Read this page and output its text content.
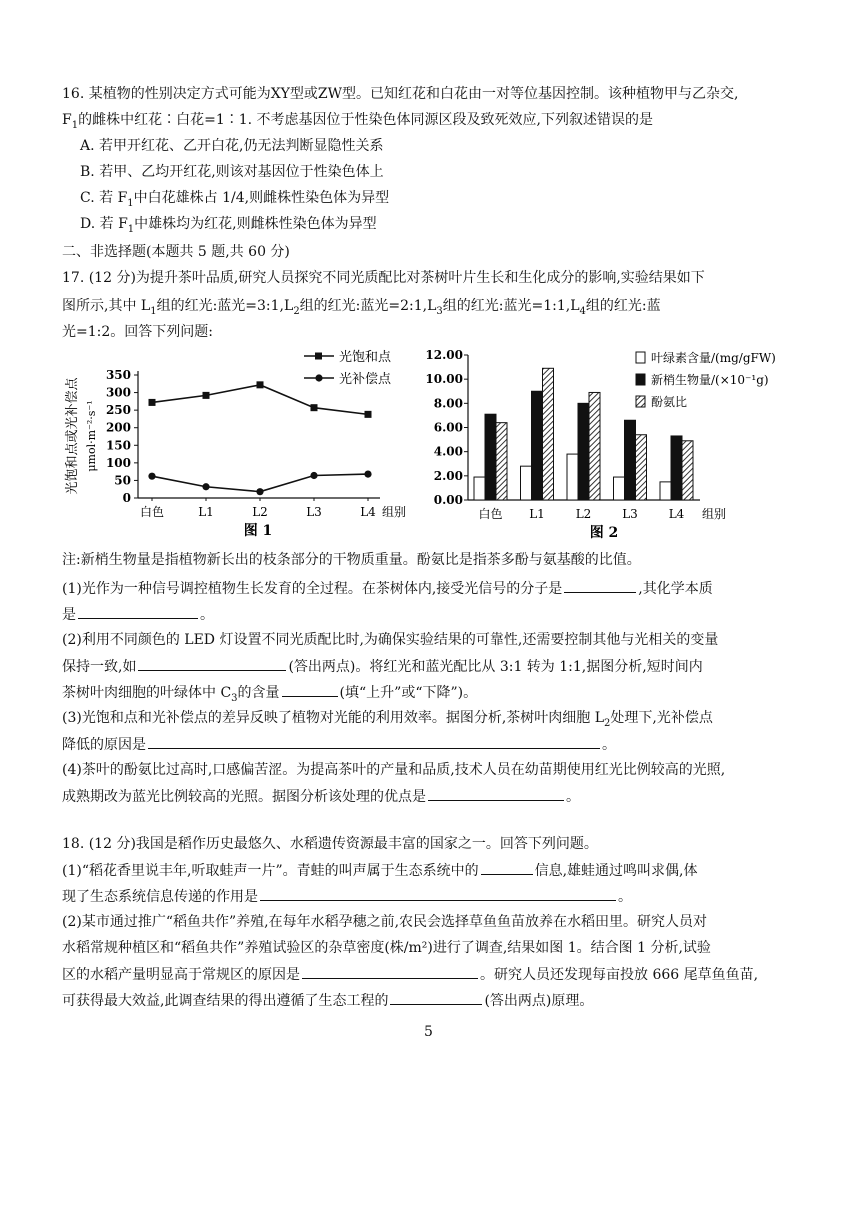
16. 某植物的性别决定方式可能为XY型或ZW型。已知红花和白花由一对等位基因控制。该种植物甲与乙杂交,
$F_1$的雌株中红花∶白花=1∶1. 不考虑基因位于性染色体同源区段及致死效应,下列叙述错误的是
A. 若甲开红花、乙开白花,仍无法判断显隐性关系
B. 若甲、乙均开红花,则该对基因位于性染色体上
C. 若 $F_1$中白花雄株占 1/4,则雌株性染色体为异型
D. 若 $F_1$中雄株均为红花,则雌株性染色体为异型
二、非选择题(本题共 5 题,共 60 分)
17. (12 分)为提升茶叶品质,研究人员探究不同光质配比对茶树叶片生长和生化成分的影响,实验结果如下
图所示,其中 $L_1$组的红光:蓝光$=3:1,L_2$组的红光:蓝光$=2:1,L_3$组的红光:蓝光$=1:1,L_4$组的红光:蓝
光=1:2。回答下列问题:
光饱和点或光补偿点 μmol·m⁻²·s⁻¹
0
50
100
150
200
250
300
350
白色	L1	L2	L3	L4 组别
图 1
光饱和点
光补偿点
0.00
2.00
4.00
6.00
8.00
10.00
12.00
白色 L1	L2	L3	L4 组别
图 2
叶绿素含量/(mg/gFW)
新梢生物量/(×10⁻¹g)
酚氨比
注:新梢生物量是指植物新长出的枝条部分的干物质重量。酚氨比是指茶多酚与氨基酸的比值。
(1)光作为一种信号调控植物生长发育的全过程。在茶树体内,接受光信号的分子是	,其化学本质
是	。
(2)利用不同颜色的 LED 灯设置不同光质配比时,为确保实验结果的可靠性,还需要控制其他与光相关的变量
保持一致,如	(答出两点)。将红光和蓝光配比从 3:1 转为 1:1,据图分析,短时间内
茶树叶肉细胞的叶绿体中 $C_3$的含量	(填“上升”或“下降”)。
(3)光饱和点和光补偿点的差异反映了植物对光能的利用效率。据图分析,茶树叶肉细胞 $L_2$处理下,光补偿点
降低的原因是	。
(4)茶叶的酚氨比过高时,口感偏苦涩。为提高茶叶的产量和品质,技术人员在幼苗期使用红光比例较高的光照,
成熟期改为蓝光比例较高的光照。据图分析该处理的优点是	。
18. (12 分)我国是稻作历史最悠久、水稻遗传资源最丰富的国家之一。回答下列问题。
(1)“稻花香里说丰年,听取蛙声一片”。青蛙的叫声属于生态系统中的	信息,雄蛙通过鸣叫求偶,体
现了生态系统信息传递的作用是	。
(2)某市通过推广“稻鱼共作”养殖,在每年水稻孕穗之前,农民会选择草鱼鱼苗放养在水稻田里。研究人员对
水稻常规种植区和“稻鱼共作”养殖试验区的杂草密度(株/m²)进行了调查,结果如图 1。结合图 1 分析,试验
区的水稻产量明显高于常规区的原因是	。研究人员还发现每亩投放 666 尾草鱼鱼苗,
可获得最大效益,此调查结果的得出遵循了生态工程的	(答出两点)原理。
5
